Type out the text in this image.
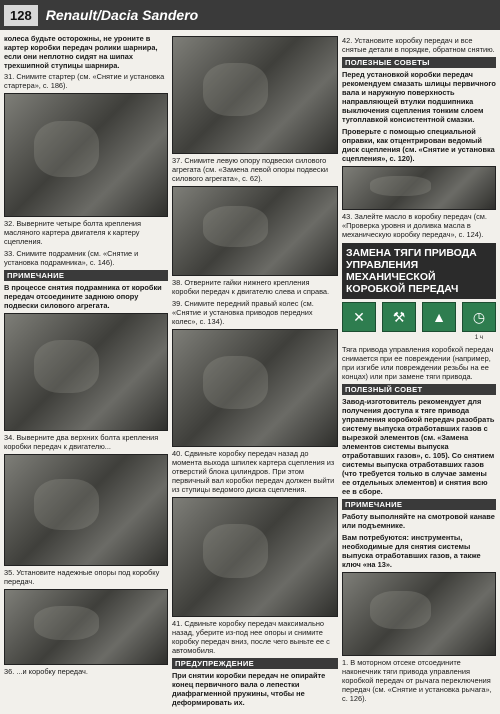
128	Renault/Dacia Sandero
колеса будьте осторожны, не уроните в картер коробки передач ролики шарнира, если они неплотно сидят на шипах трехшипной ступицы шарнира.
31. Снимите стартер (см. «Снятие и установка стартера», с. 186).
32. Выверните четыре болта крепления масляного картера двигателя к картеру сцепления.
33. Снимите подрамник (см. «Снятие и установка подрамника», с. 146).
ПРИМЕЧАНИЕ
В процессе снятия подрамника от коробки передач отсоедините заднюю опору подвески силового агрегата.
34. Выверните два верхних болта крепления коробки передач к двигателю...
35. Установите надежные опоры под коробку передач.
36. ...и коробку передач.
37. Снимите левую опору подвески силового агрегата (см. «Замена левой опоры подвески силового агрегата», с. 62).
38. Отверните гайки нижнего крепления коробки передач к двигателю слева и справа.
39. Снимите передний правый колес (см. «Снятие и установка приводов передних колес», с. 134).
40. Сдвиньте коробку передач назад до момента выхода шпилек картера сцепления из отверстий блока цилиндров. При этом первичный вал коробки передач должен выйти из ступицы ведомого диска сцепления.
41. Сдвиньте коробку передач максимально назад, уберите из-под нее опоры и снимите коробку передач вниз, после чего выньте ее с автомобиля.
ПРЕДУПРЕЖДЕНИЕ
При снятии коробки передач не опирайте конец первичного вала о лепестки диафрагменной пружины, чтобы не деформировать их.
42. Установите коробку передач и все снятые детали в порядке, обратном снятию.
ПОЛЕЗНЫЕ СОВЕТЫ
Перед установкой коробки передач рекомендуем смазать шлицы первичного вала и наружную поверхность направляющей втулки подшипника выключения сцепления тонким слоем тугоплавкой консистентной смазки.
Проверьте с помощью специальной оправки, как отцентрирован ведомый диск сцепления (см. «Снятие и установка сцепления», с. 120).
43. Залейте масло в коробку передач (см. «Проверка уровня и доливка масла в механическую коробку передач», с. 124).
ЗАМЕНА ТЯГИ ПРИВОДА УПРАВЛЕНИЯ МЕХАНИЧЕСКОЙ КОРОБКОЙ ПЕРЕДАЧ
✕	⚒	▲	◷
1 ч
Тяга привода управления коробкой передач снимается при ее повреждении (например, при изгибе или повреждении резьбы на ее концах) или при замене тяги привода.
ПОЛЕЗНЫЙ СОВЕТ
Завод-изготовитель рекомендует для получения доступа к тяге привода управления коробкой передач разобрать систему выпуска отработавших газов с вырезкой элементов (см. «Замена элементов системы выпуска отработавших газов», с. 105). Со снятием системы выпуска отработавших газов (что требуется только в случае замены ее отдельных элементов) и снятия всю ее в сборе.
ПРИМЕЧАНИЕ
Работу выполняйте на смотровой канаве или подъемнике.
Вам потребуются: инструменты, необходимые для снятия системы выпуска отработавших газов, а также ключ «на 13».
1. В моторном отсеке отсоедините наконечник тяги привода управления коробкой передач от рычага переключения передач (см. «Снятие и установка рычага», с. 126).
